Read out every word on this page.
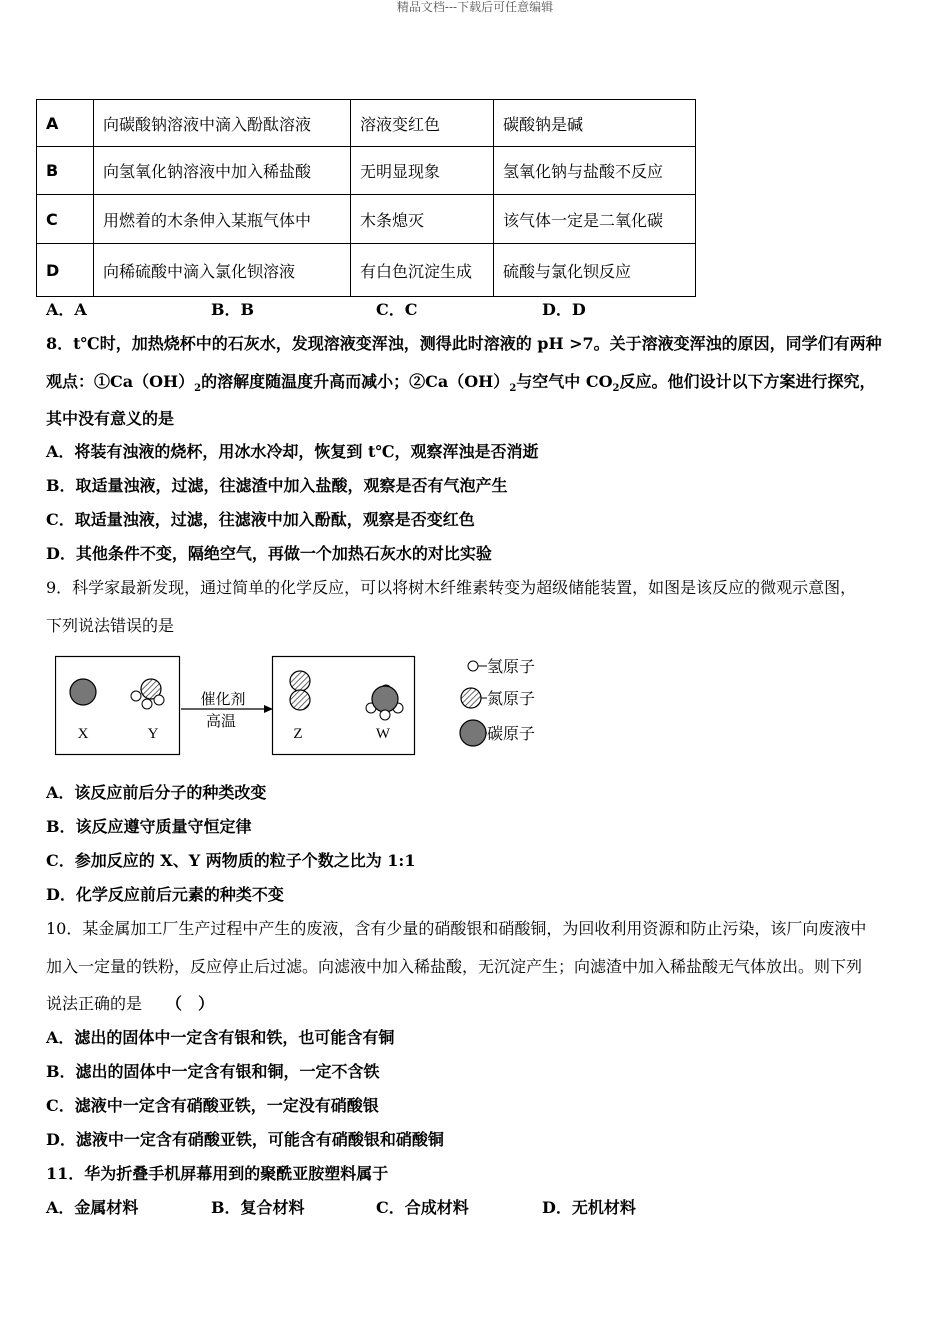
精品文档---下载后可任意编辑
A	向碳酸钠溶液中滴入酚酞溶液	溶液变红色	碳酸钠是碱
B	向氢氧化钠溶液中加入稀盐酸	无明显现象	氢氧化钠与盐酸不反应
C	用燃着的木条伸入某瓶气体中	木条熄灭	该气体一定是二氧化碳
D	向稀硫酸中滴入氯化钡溶液	有白色沉淀生成	硫酸与氯化钡反应
A．A	B．B	C．C	D．D
8．t℃时，加热烧杯中的石灰水，发现溶液变浑浊，测得此时溶液的 pH >7。关于溶液变浑浊的原因，同学们有两种
观点：$①Ca(OH)_2$的溶解度随温度升高而减小；$②Ca(OH)_2$与空气中 $CO_2$反应。他们设计以下方案进行探究，
其中没有意义的是
A．将装有浊液的烧杯，用冰水冷却，恢复到 t℃，观察浑浊是否消逝
B．取适量浊液，过滤，往滤渣中加入盐酸，观察是否有气泡产生
C．取适量浊液，过滤，往滤液中加入酚酞，观察是否变红色
D．其他条件不变，隔绝空气，再做一个加热石灰水的对比实验
9．科学家最新发现，通过简单的化学反应，可以将树木纤维素转变为超级储能装置，如图是该反应的微观示意图，
下列说法错误的是
X	Y
催化剂
高温
Z	W
氢原子
氮原子
碳原子
A．该反应前后分子的种类改变
B．该反应遵守质量守恒定律
C．参加反应的 X、Y 两物质的粒子个数之比为 1:1
D．化学反应前后元素的种类不变
10．某金属加工厂生产过程中产生的废液，含有少量的硝酸银和硝酸铜，为回收利用资源和防止污染，该厂向废液中
加入一定量的铁粉，反应停止后过滤。向滤液中加入稀盐酸，无沉淀产生；向滤渣中加入稀盐酸无气体放出。则下列
说法正确的是　　 （　）
A．滤出的固体中一定含有银和铁，也可能含有铜
B．滤出的固体中一定含有银和铜，一定不含铁
C．滤液中一定含有硝酸亚铁，一定没有硝酸银
D．滤液中一定含有硝酸亚铁，可能含有硝酸银和硝酸铜
11．华为折叠手机屏幕用到的聚酰亚胺塑料属于
A．金属材料	B．复合材料	C．合成材料	D．无机材料
